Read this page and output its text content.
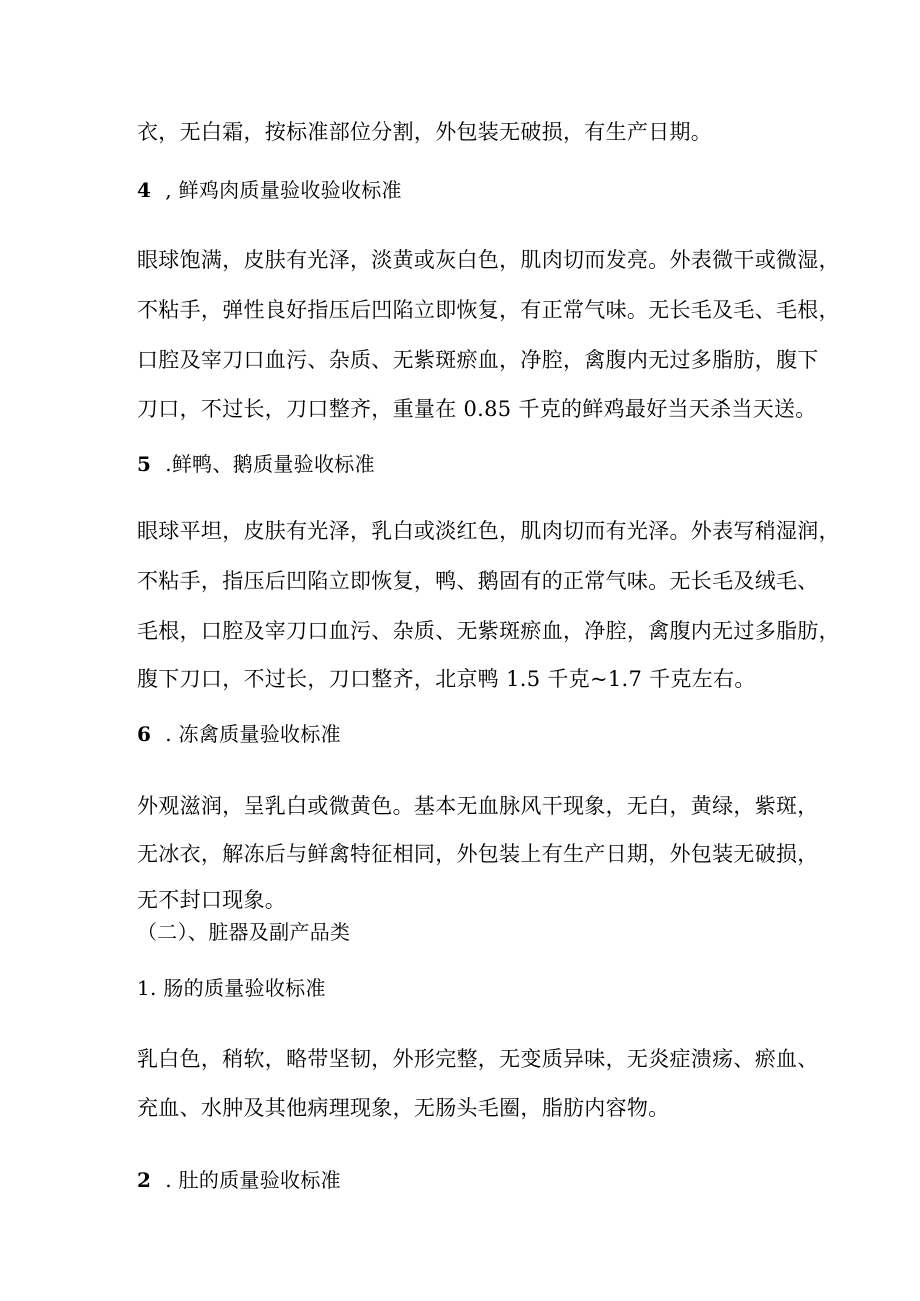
衣，无白霜，按标准部位分割，外包装无破损，有生产日期。

4 , 鲜鸡肉质量验收验收标准

眼球饱满，皮肤有光泽，淡黄或灰白色，肌肉切而发亮。外表微干或微湿，

不粘手，弹性良好指压后凹陷立即恢复，有正常气味。无长毛及毛、毛根，

口腔及宰刀口血污、杂质、无紫斑瘀血，净腔，禽腹内无过多脂肪，腹下

刀口，不过长，刀口整齐，重量在 0.85 千克的鲜鸡最好当天杀当天送。

5 .鲜鸭、鹅质量验收标准

眼球平坦，皮肤有光泽，乳白或淡红色，肌肉切而有光泽。外表写稍湿润，

不粘手，指压后凹陷立即恢复，鸭、鹅固有的正常气味。无长毛及绒毛、

毛根，口腔及宰刀口血污、杂质、无紫斑瘀血，净腔，禽腹内无过多脂肪，

腹下刀口，不过长，刀口整齐，北京鸭 1.5 千克~1.7 千克左右。

6 . 冻禽质量验收标准

外观滋润，呈乳白或微黄色。基本无血脉风干现象，无白，黄绿，紫斑，

无冰衣，解冻后与鲜禽特征相同，外包装上有生产日期，外包装无破损，

无不封口现象。

（二）、脏器及副产品类

1. 肠的质量验收标准

乳白色，稍软，略带坚韧，外形完整，无变质异味，无炎症溃疡、瘀血、

充血、水肿及其他病理现象，无肠头毛圈，脂肪内容物。

2 . 肚的质量验收标准
